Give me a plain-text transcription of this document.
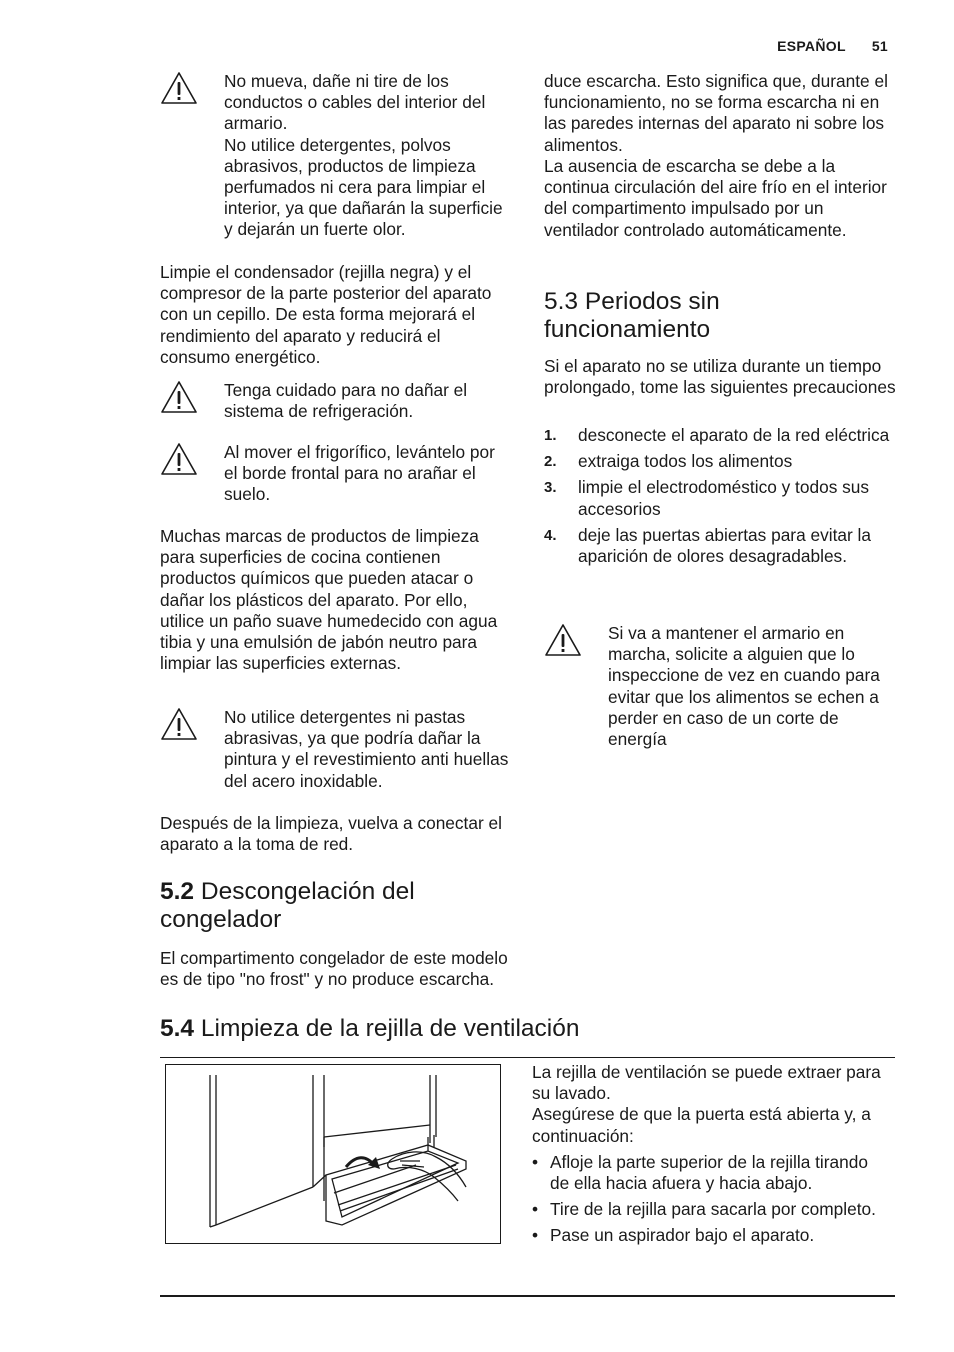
ESPAÑOL 51

No mueva, dañe ni tire de los conductos o cables del interior del armario.

No utilice detergentes, polvos abrasivos, productos de limpieza perfumados ni cera para limpiar el interior, ya que dañarán la superficie y dejarán un fuerte olor.

Limpie el condensador (rejilla negra) y el compresor de la parte posterior del aparato con un cepillo. De esta forma mejorará el rendimiento del aparato y reducirá el consumo energético.

Tenga cuidado para no dañar el sistema de refrigeración.

Al mover el frigorífico, levántelo por el borde frontal para no arañar el suelo.

Muchas marcas de productos de limpieza para superficies de cocina contienen productos químicos que pueden atacar o dañar los plásticos del aparato. Por ello, utilice un paño suave humedecido con agua tibia y una emulsión de jabón neutro para limpiar las superficies externas.

No utilice detergentes ni pastas abrasivas, ya que podría dañar la pintura y el revestimiento anti huellas del acero inoxidable.

Después de la limpieza, vuelva a conectar el aparato a la toma de red.

5.2 Descongelación del congelador

El compartimento congelador de este modelo es de tipo "no frost" y no produce escarcha.

duce escarcha. Esto significa que, durante el funcionamiento, no se forma escarcha ni en las paredes internas del aparato ni sobre los alimentos.

La ausencia de escarcha se debe a la continua circulación del aire frío en el interior del compartimento impulsado por un ventilador controlado automáticamente.

5.3 Periodos sin funcionamiento

Si el aparato no se utiliza durante un tiempo prolongado, tome las siguientes precauciones

1. desconecte el aparato de la red eléctrica
2. extraiga todos los alimentos
3. limpie el electrodoméstico y todos sus accesorios
4. deje las puertas abiertas para evitar la aparición de olores desagradables.

Si va a mantener el armario en marcha, solicite a alguien que lo inspeccione de vez en cuando para evitar que los alimentos se echen a perder en caso de un corte de energía

5.4 Limpieza de la rejilla de ventilación

La rejilla de ventilación se puede extraer para su lavado.

Asegúrese de que la puerta está abierta y, a continuación:

• Afloje la parte superior de la rejilla tirando de ella hacia afuera y hacia abajo.
• Tire de la rejilla para sacarla por completo.
• Pase un aspirador bajo el aparato.
